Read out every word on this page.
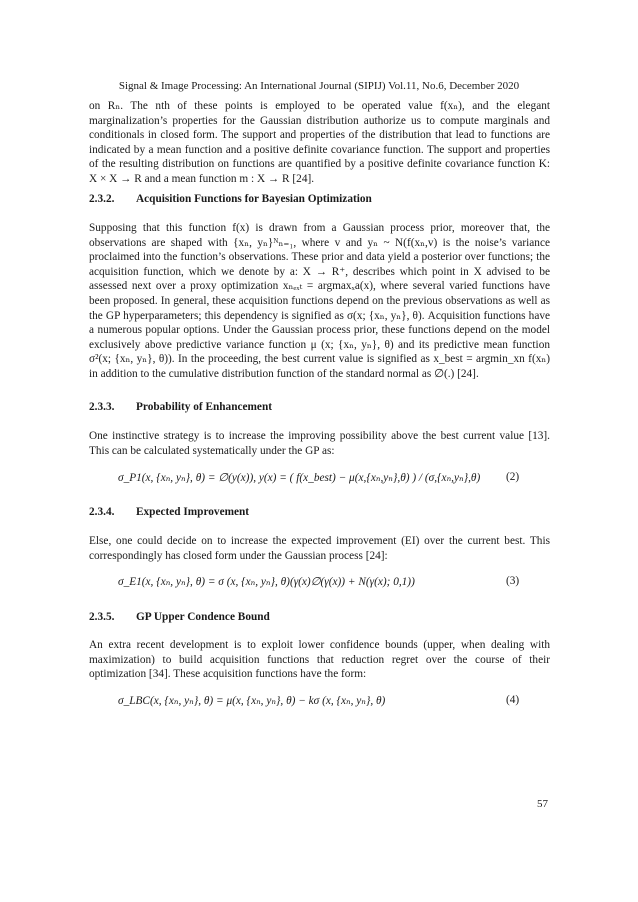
Signal & Image Processing: An International Journal (SIPIJ) Vol.11, No.6, December 2020
on Rₙ. The nth of these points is employed to be operated value f(xₙ), and the elegant marginalization’s properties for the Gaussian distribution authorize us to compute marginals and conditionals in closed form. The support and properties of the distribution that lead to functions are indicated by a mean function and a positive definite covariance function. The support and properties of the resulting distribution on functions are quantified by a positive definite covariance function K: X × X → R and a mean function m : X → R [24].
2.3.2. Acquisition Functions for Bayesian Optimization
Supposing that this function f(x) is drawn from a Gaussian process prior, moreover that, the observations are shaped with {xₙ, yₙ}ᴺₙ₌₁, where v and yₙ ~ N(f(xₙ,v) is the noise’s variance proclaimed into the function’s observations. These prior and data yield a posterior over functions; the acquisition function, which we denote by a: X → R⁺, describes which point in X advised to be assessed next over a proxy optimization xₙₑₓₜ = argmaxₓa(x), where several varied functions have been proposed. In general, these acquisition functions depend on the previous observations as well as the GP hyperparameters; this dependency is signified as σ(x; {xₙ, yₙ}, θ). Acquisition functions have a numerous popular options. Under the Gaussian process prior, these functions depend on the model exclusively above predictive variance function μ (x; {xₙ, yₙ}, θ) and its predictive mean function σ²(x; {xₙ, yₙ}, θ)). In the proceeding, the best current value is signified as x_best = argmin_xn f(xₙ) in addition to the cumulative distribution function of the standard normal as ∅(.) [24].
2.3.3. Probability of Enhancement
One instinctive strategy is to increase the improving possibility above the best current value [13]. This can be calculated systematically under the GP as:
σ_P1(x, {xₙ, yₙ}, θ) = ∅(y(x)), y(x) = ( f(x_best) − μ(x,{xₙ,yₙ},θ) ) / (σ,{xₙ,yₙ},θ) (2)
2.3.4. Expected Improvement
Else, one could decide on to increase the expected improvement (EI) over the current best. This correspondingly has closed form under the Gaussian process [24]:
σ_E1(x, {xₙ, yₙ}, θ) = σ (x, {xₙ, yₙ}, θ)(γ(x)∅(γ(x)) + N(γ(x); 0,1))	(3)
2.3.5. GP Upper Condence Bound
An extra recent development is to exploit lower confidence bounds (upper, when dealing with maximization) to build acquisition functions that reduction regret over the course of their optimization [34]. These acquisition functions have the form:
σ_LBC(x, {xₙ, yₙ}, θ) = μ(x, {xₙ, yₙ}, θ) − kσ (x, {xₙ, yₙ}, θ)	(4)
57
